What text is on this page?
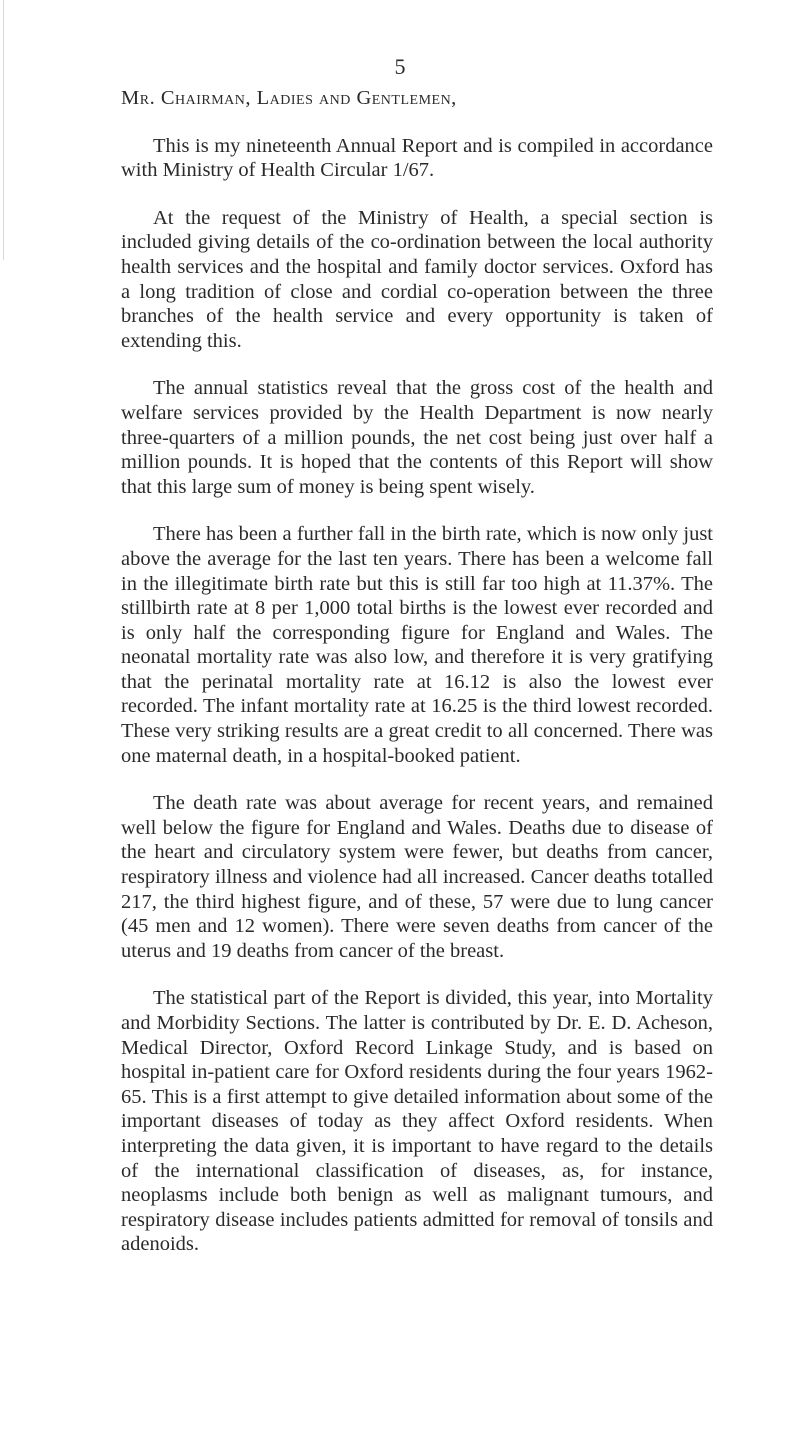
5

Mr. Chairman, Ladies and Gentlemen,

This is my nineteenth Annual Report and is compiled in accordance with Ministry of Health Circular 1/67.

At the request of the Ministry of Health, a special section is included giving details of the co-ordination between the local authority health services and the hospital and family doctor services. Oxford has a long tradition of close and cordial co-operation between the three branches of the health service and every opportunity is taken of extending this.

The annual statistics reveal that the gross cost of the health and welfare services provided by the Health Department is now nearly three-quarters of a million pounds, the net cost being just over half a million pounds. It is hoped that the contents of this Report will show that this large sum of money is being spent wisely.

There has been a further fall in the birth rate, which is now only just above the average for the last ten years. There has been a welcome fall in the illegitimate birth rate but this is still far too high at 11.37%. The stillbirth rate at 8 per 1,000 total births is the lowest ever recorded and is only half the corresponding figure for England and Wales. The neonatal mortality rate was also low, and therefore it is very gratifying that the perinatal mortality rate at 16.12 is also the lowest ever recorded. The infant mortality rate at 16.25 is the third lowest recorded. These very striking results are a great credit to all concerned. There was one maternal death, in a hospital-booked patient.

The death rate was about average for recent years, and remained well below the figure for England and Wales. Deaths due to disease of the heart and circulatory system were fewer, but deaths from cancer, respiratory illness and violence had all increased. Cancer deaths totalled 217, the third highest figure, and of these, 57 were due to lung cancer (45 men and 12 women). There were seven deaths from cancer of the uterus and 19 deaths from cancer of the breast.

The statistical part of the Report is divided, this year, into Mortality and Morbidity Sections. The latter is contributed by Dr. E. D. Acheson, Medical Director, Oxford Record Linkage Study, and is based on hospital in-patient care for Oxford residents during the four years 1962-65. This is a first attempt to give detailed information about some of the important diseases of today as they affect Oxford residents. When interpreting the data given, it is important to have regard to the details of the international classification of diseases, as, for instance, neoplasms include both benign as well as malignant tumours, and respiratory disease includes patients admitted for removal of tonsils and adenoids.
